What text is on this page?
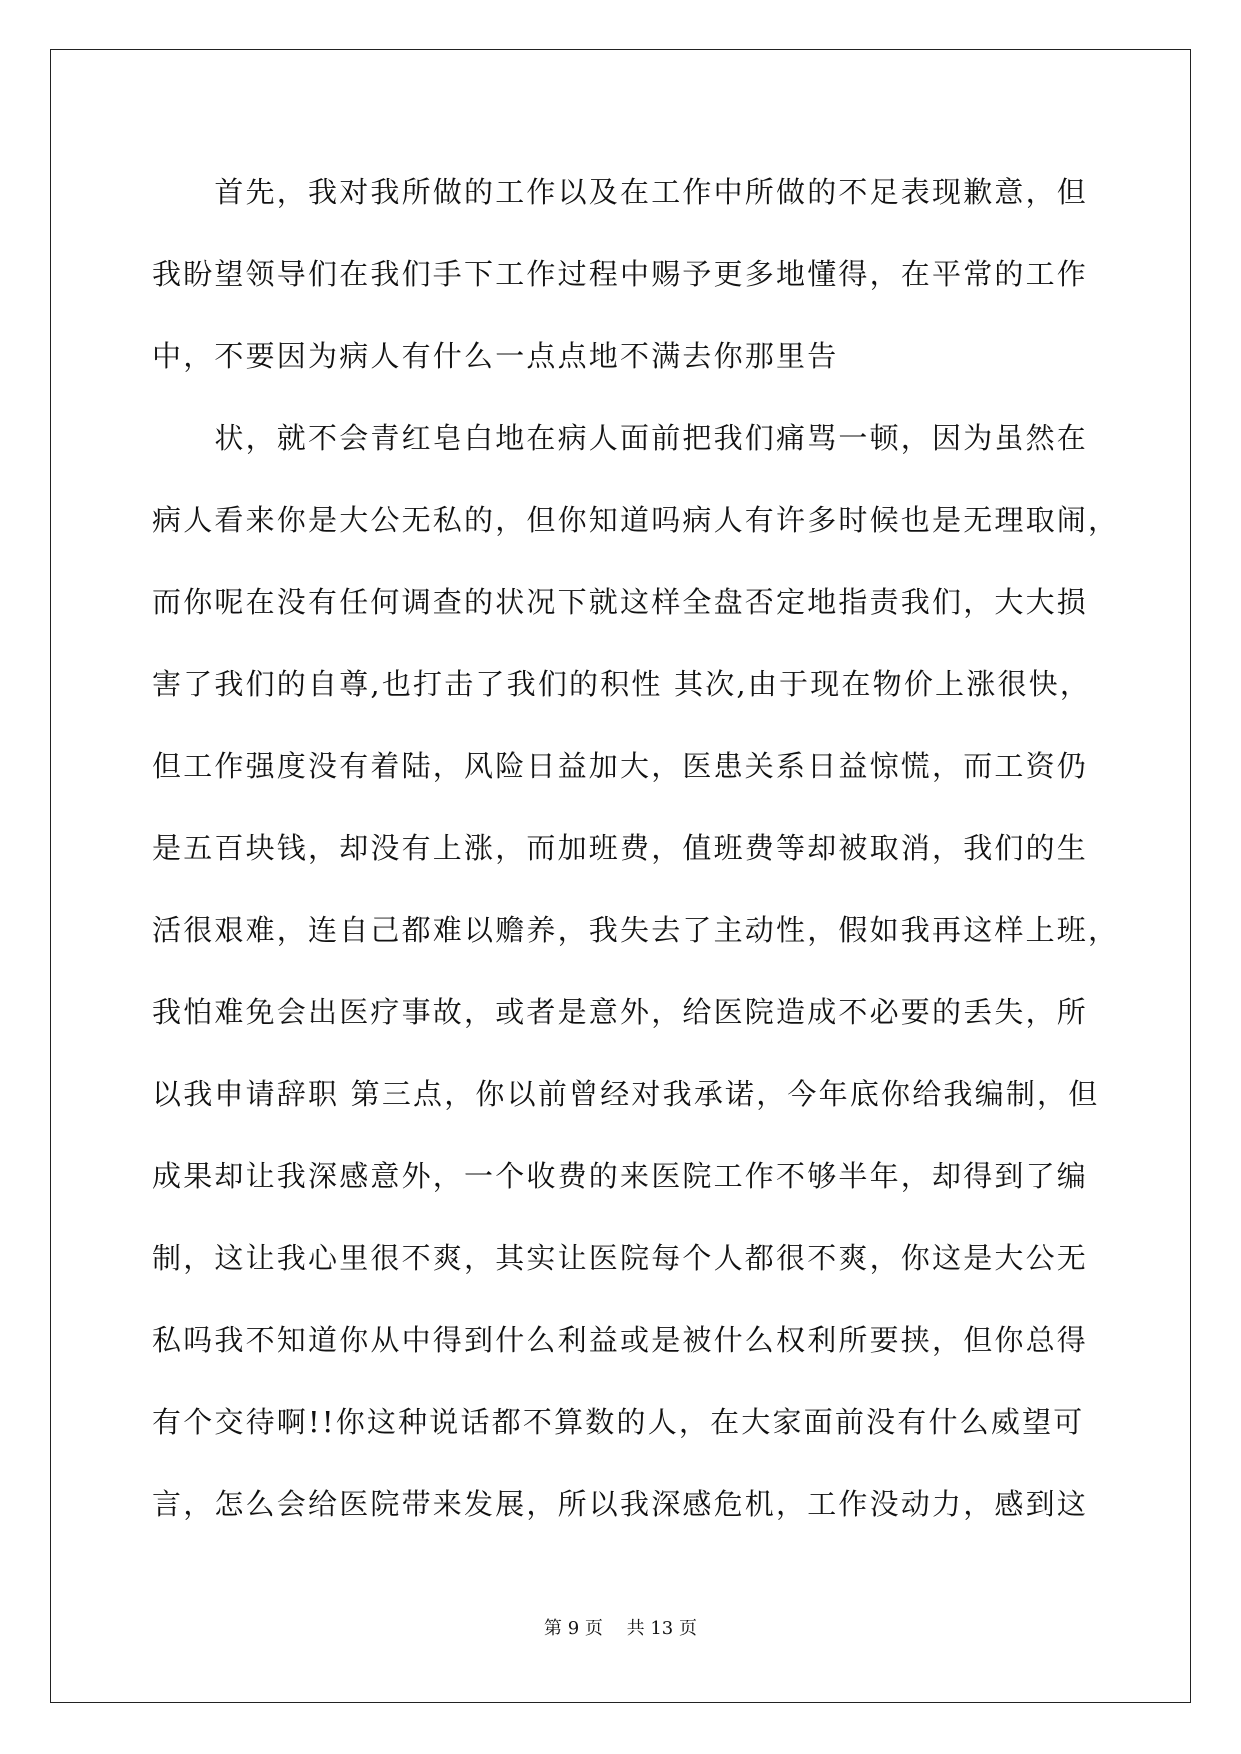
　　首先，我对我所做的工作以及在工作中所做的不足表现歉意，但
我盼望领导们在我们手下工作过程中赐予更多地懂得，在平常的工作
中，不要因为病人有什么一点点地不满去你那里告
　　状，就不会青红皂白地在病人面前把我们痛骂一顿，因为虽然在
病人看来你是大公无私的，但你知道吗病人有许多时候也是无理取闹，
而你呢在没有任何调查的状况下就这样全盘否定地指责我们，大大损
害了我们的自尊,也打击了我们的积性 其次,由于现在物价上涨很快，
但工作强度没有着陆，风险日益加大，医患关系日益惊慌，而工资仍
是五百块钱，却没有上涨，而加班费，值班费等却被取消，我们的生
活很艰难，连自己都难以赡养，我失去了主动性，假如我再这样上班，
我怕难免会出医疗事故，或者是意外，给医院造成不必要的丢失，所
以我申请辞职 第三点，你以前曾经对我承诺，今年底你给我编制，但
成果却让我深感意外，一个收费的来医院工作不够半年，却得到了编
制，这让我心里很不爽，其实让医院每个人都很不爽，你这是大公无
私吗我不知道你从中得到什么利益或是被什么权利所要挟，但你总得
有个交待啊!!你这种说话都不算数的人，在大家面前没有什么威望可
言，怎么会给医院带来发展，所以我深感危机，工作没动力，感到这
第 9 页　 共 13 页
